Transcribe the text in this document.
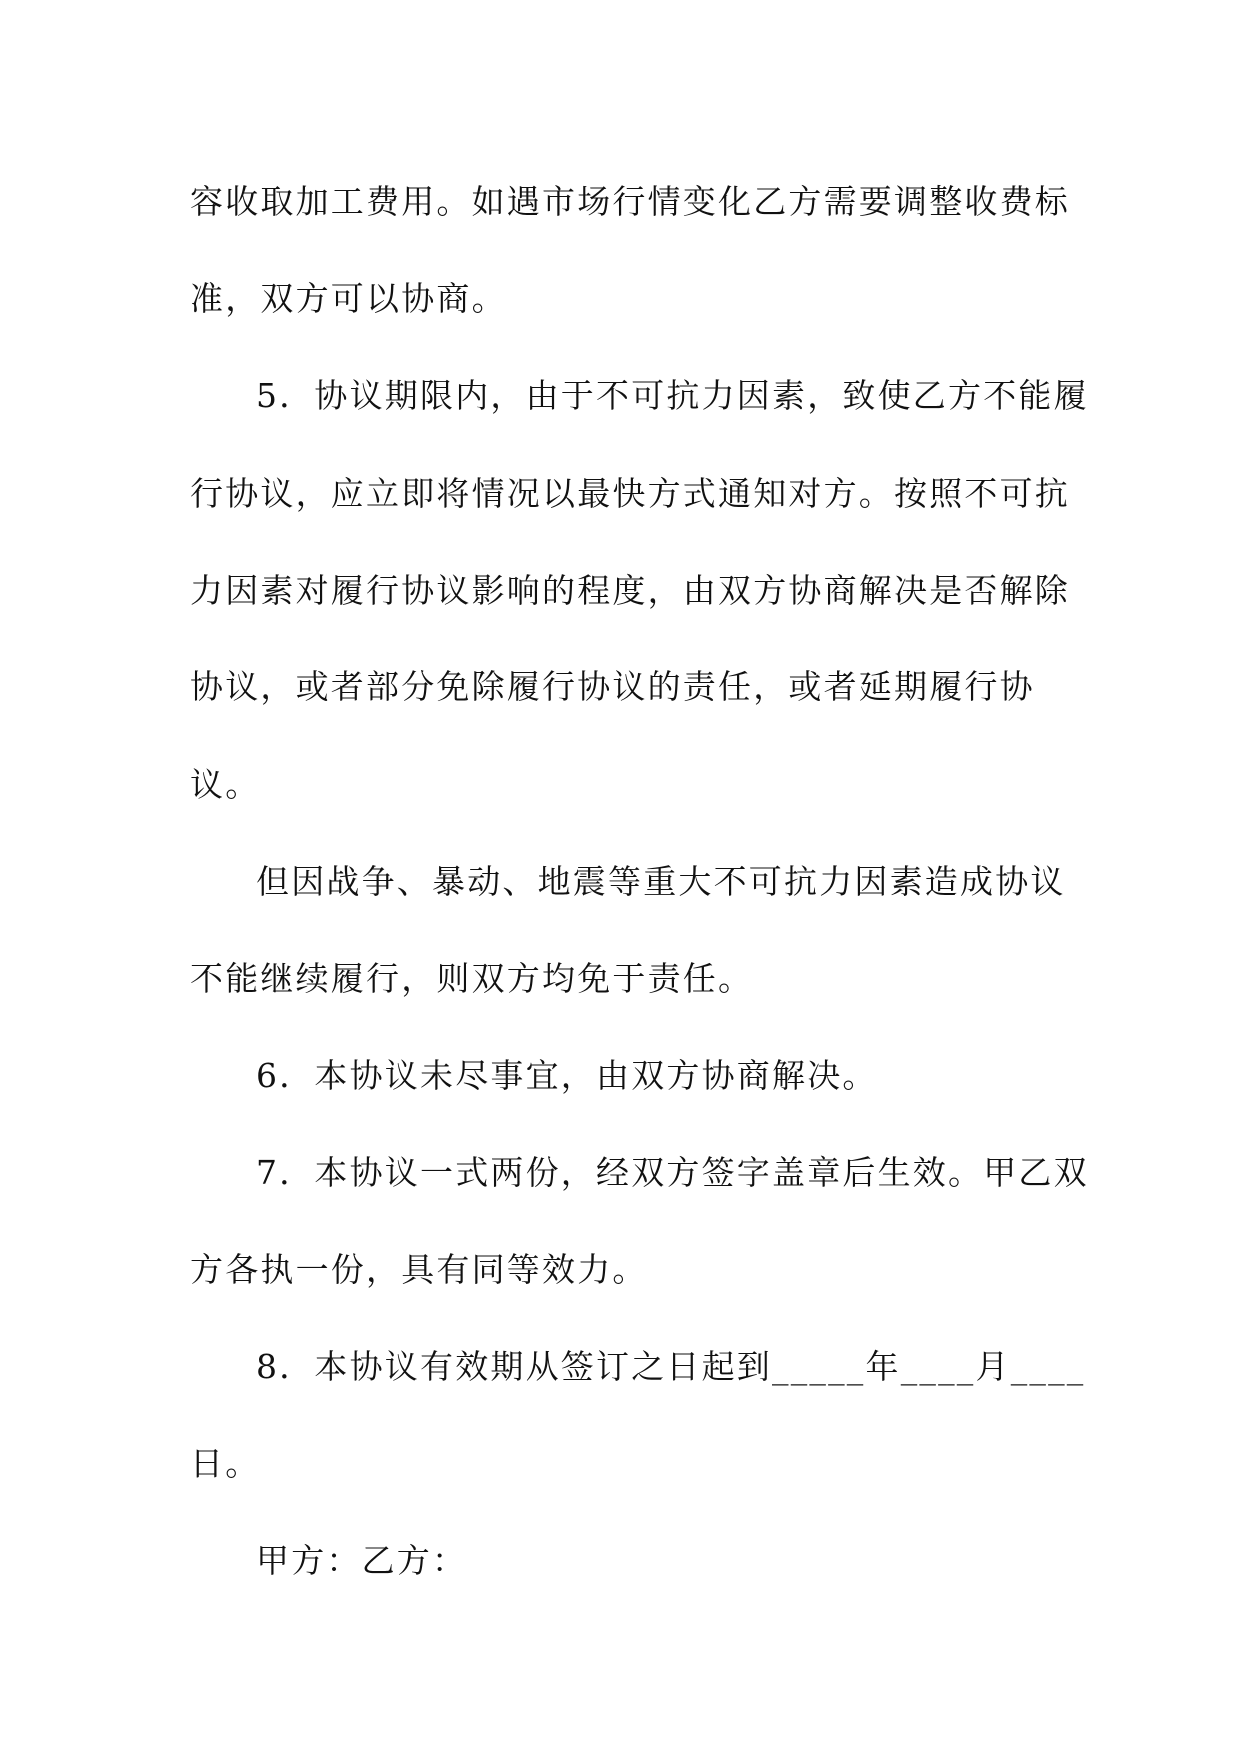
容收取加工费用。如遇市场行情变化乙方需要调整收费标
准，双方可以协商。
5．协议期限内，由于不可抗力因素，致使乙方不能履
行协议，应立即将情况以最快方式通知对方。按照不可抗
力因素对履行协议影响的程度，由双方协商解决是否解除
协议，或者部分免除履行协议的责任，或者延期履行协
议。
但因战争、暴动、地震等重大不可抗力因素造成协议
不能继续履行，则双方均免于责任。
6．本协议未尽事宜，由双方协商解决。
7．本协议一式两份，经双方签字盖章后生效。甲乙双
方各执一份，具有同等效力。
8．本协议有效期从签订之日起到_____年____月____
日。
甲方：乙方：
